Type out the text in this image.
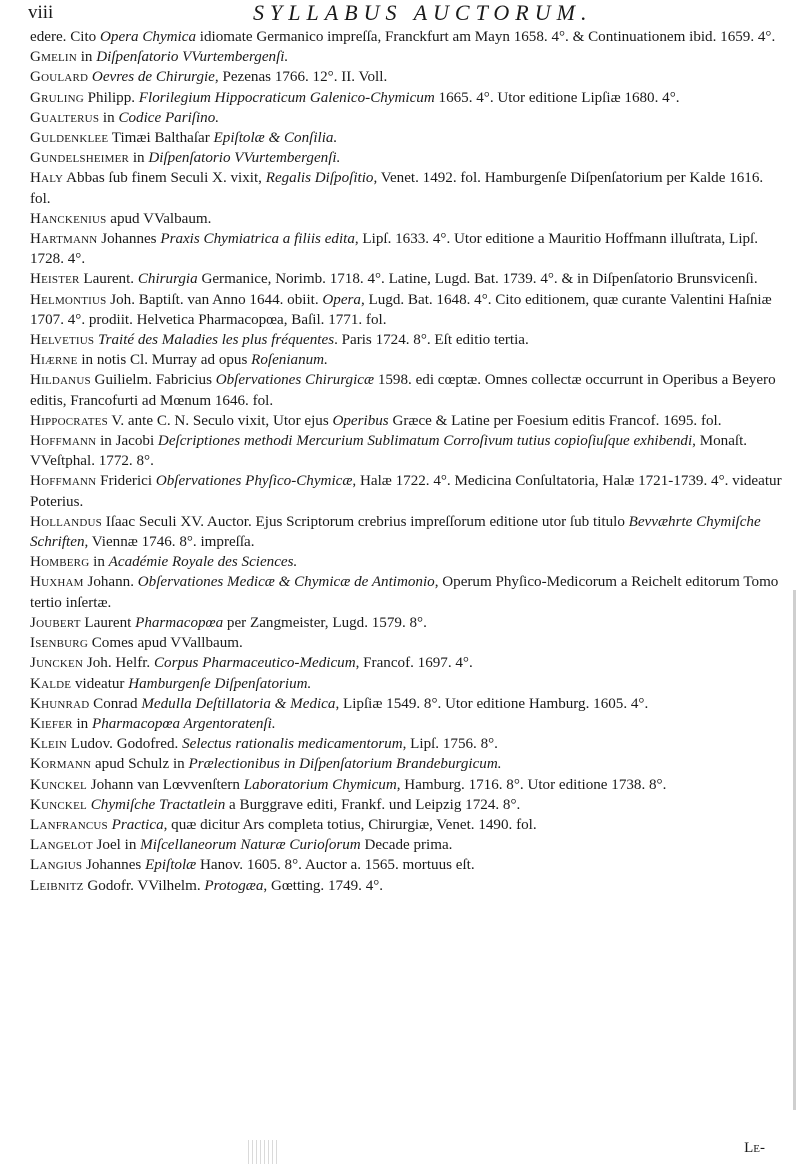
viii	SYLLABUS AUCTORUM.
edere. Cito Opera Chymica idiomate Germanico impreſſa, Franckfurt am Mayn 1658. 4°. & Continuationem ibid. 1659. 4°.
Gmelin in Diſpenſatorio VVurtembergenſi.
Goulard Oevres de Chirurgie, Pezenas 1766. 12°. II. Voll.
Gruling Philipp. Florilegium Hippocraticum Galenico-Chymicum 1665. 4°. Utor editione Lipſiæ 1680. 4°.
Gualterus in Codice Pariſino.
Guldenklee Timæi Balthaſar Epiſtolæ & Conſilia.
Gundelsheimer in Diſpenſatorio VVurtembergenſi.
Haly Abbas ſub finem Seculi X. vixit, Regalis Diſpoſitio, Venet. 1492. fol. Hamburgenſe Diſpenſatorium per Kalde 1616. fol.
Hanckenius apud VValbaum.
Hartmann Johannes Praxis Chymiatrica a filiis edita, Lipſ. 1633. 4°. Utor editione a Mauritio Hoffmann illuſtrata, Lipſ. 1728. 4°.
Heister Laurent. Chirurgia Germanice, Norimb. 1718. 4°. Latine, Lugd. Bat. 1739. 4°. & in Diſpenſatorio Brunsvicenſi.
Helmontius Joh. Baptiſt. van Anno 1644. obiit. Opera, Lugd. Bat. 1648. 4°. Cito editionem, quæ curante Valentini Haſniæ 1707. 4°. prodiit. Helvetica Pharmacopœa, Baſil. 1771. fol.
Helvetius Traité des Maladies les plus fréquentes. Paris 1724. 8°. Eſt editio tertia.
Hiærne in notis Cl. Murray ad opus Roſenianum.
Hildanus Guilielm. Fabricius Obſervationes Chirurgicæ 1598. edi cœptæ. Omnes collectæ occurrunt in Operibus a Beyero editis, Francofurti ad Mœnum 1646. fol.
Hippocrates V. ante C. N. Seculo vixit, Utor ejus Operibus Græce & Latine per Foesium editis Francof. 1695. fol.
Hoffmann in Jacobi Deſcriptiones methodi Mercurium Sublimatum Corroſivum tutius copioſiuſque exhibendi, Monaſt. VVeſtphal. 1772. 8°.
Hoffmann Friderici Obſervationes Phyſico-Chymicæ, Halæ 1722. 4°. Medicina Conſultatoria, Halæ 1721-1739. 4°. videatur Poterius.
Hollandus Iſaac Seculi XV. Auctor. Ejus Scriptorum crebrius impreſſorum editione utor ſub titulo Bevvæhrte Chymiſche Schriften, Viennæ 1746. 8°. impreſſa.
Homberg in Académie Royale des Sciences.
Huxham Johann. Obſervationes Medicæ & Chymicæ de Antimonio, Operum Phyſico-Medicorum a Reichelt editorum Tomo tertio inſertæ.
Joubert Laurent Pharmacopœa per Zangmeister, Lugd. 1579. 8°.
Isenburg Comes apud VVallbaum.
Juncken Joh. Helfr. Corpus Pharmaceutico-Medicum, Francof. 1697. 4°.
Kalde videatur Hamburgenſe Diſpenſatorium.
Khunrad Conrad Medulla Deſtillatoria & Medica, Lipſiæ 1549. 8°. Utor editione Hamburg. 1605. 4°.
Kiefer in Pharmacopœa Argentoratenſi.
Klein Ludov. Godofred. Selectus rationalis medicamentorum, Lipſ. 1756. 8°.
Kormann apud Schulz in Prælectionibus in Diſpenſatorium Brandeburgicum.
Kunckel Johann van Lœvvenſtern Laboratorium Chymicum, Hamburg. 1716. 8°. Utor editione 1738. 8°.
Kunckel Chymiſche Tractatlein a Burggrave editi, Frankf. und Leipzig 1724. 8°.
Lanfrancus Practica, quæ dicitur Ars completa totius, Chirurgiæ, Venet. 1490. fol.
Langelot Joel in Miſcellaneorum Naturæ Curioſorum Decade prima.
Langius Johannes Epiſtolæ Hanov. 1605. 8°. Auctor a. 1565. mortuus eſt.
Leibnitz Godofr. VVilhelm. Protogæa, Gœtting. 1749. 4°.
Le-
